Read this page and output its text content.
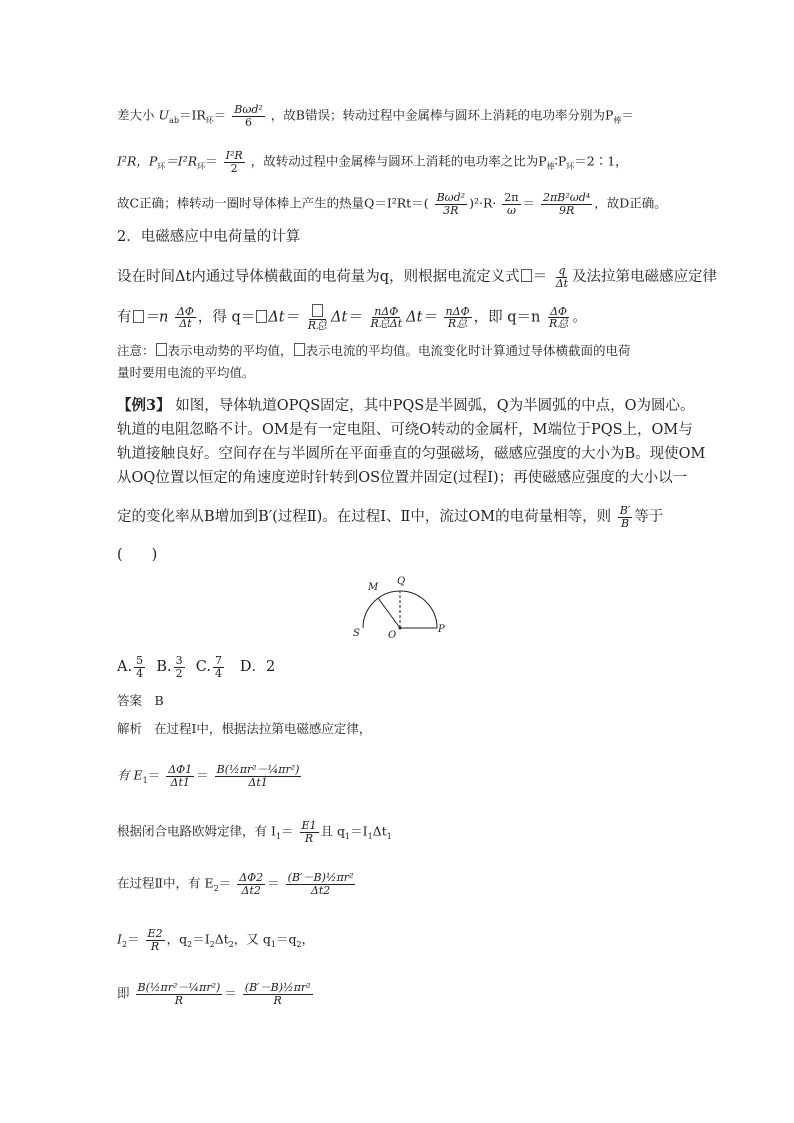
差大小 $U_{ab}=IR_环= \frac{\text{Bωd²}}{6}$ ，故B错误；转动过程中金属棒与圆环上消耗的电功率分别为$P_棒=$
I²R，$P_环=I^2R_环= \frac{\text{I²R}}{2}$ ，故转动过程中金属棒与圆环上消耗的电功率之比为$P_棒∶P_环=2∶1$，
故C正确；棒转动一圈时导体棒上产生的热量$Q=I^2Rt=( \frac{\text{Bωd²}}{3R} )^2\cdot R\cdot \frac{2\pi}{\omega} = \frac{\text{2πB²ωd⁴}}{9R}$ ，故D正确。
2．电磁感应中电荷量的计算
设在时间Δt内通过导体横截面的电荷量为q，则根据电流定义式 ＝ $\frac{q}{\Delta t}$ 及法拉第电磁感应定律
有 $=n \frac{\Delta\Phi}{\Delta t}$ ，得 q＝ Δt＝ R总 $\Delta t= \frac{\text{nΔΦ}}{\text{R总Δt}} \Delta t= \frac{\text{nΔΦ}}{\text{R总}}$ ，即 $q=n \frac{\Delta\Phi}{\text{R总}}$ 。
注意： 表示电动势的平均值， 表示电流的平均值。电流变化时计算通过导体横截面的电荷
量时要用电流的平均值。
【例3】 如图，导体轨道OPQS固定，其中PQS是半圆弧，Q为半圆弧的中点，O为圆心。
轨道的电阻忽略不计。OM是有一定电阻、可绕O转动的金属杆，M端位于PQS上，OM与
轨道接触良好。空间存在与半圆所在平面垂直的匀强磁场，磁感应强度的大小为B。现使OM
从OQ位置以恒定的角速度逆时针转到OS位置并固定(过程Ⅰ)；再使磁感应强度的大小以一
定的变化率从B增加到B′(过程Ⅱ)。在过程Ⅰ、Ⅱ中，流过OM的电荷量相等，则 $\frac{B'}{B}$ 等于
(　　)
M
Q
S	O
P
A. $\frac{5}{4} B$. $\frac{3}{2} C$. $\frac{7}{4}$ D．2
答案　B
解析 在过程Ⅰ中，根据法拉第电磁感应定律，
有 $E_1= \frac{\Delta\Phi 1}{\Delta t1} = \frac{\text{B(½πr²－¼πr²)}}{\Delta t1}$
根据闭合电路欧姆定律，有 $I_1= \frac{E1}{R}$ 且 $q_1=I_1\Delta t_1$
在过程Ⅱ中，有 $E_2= \frac{\Delta\Phi 2}{\Delta t2} = \frac{\text{(B′－B)½πr²}}{\Delta t2}$
$I_2= \frac{E2}{R}$ ，$q_2=I_2\Delta t_2$，又 $q_1=q_2$，
即 $\frac{\text{B(½πr²－¼πr²)}}{R} = \frac{\text{(B′－B)½πr²}}{R}$
